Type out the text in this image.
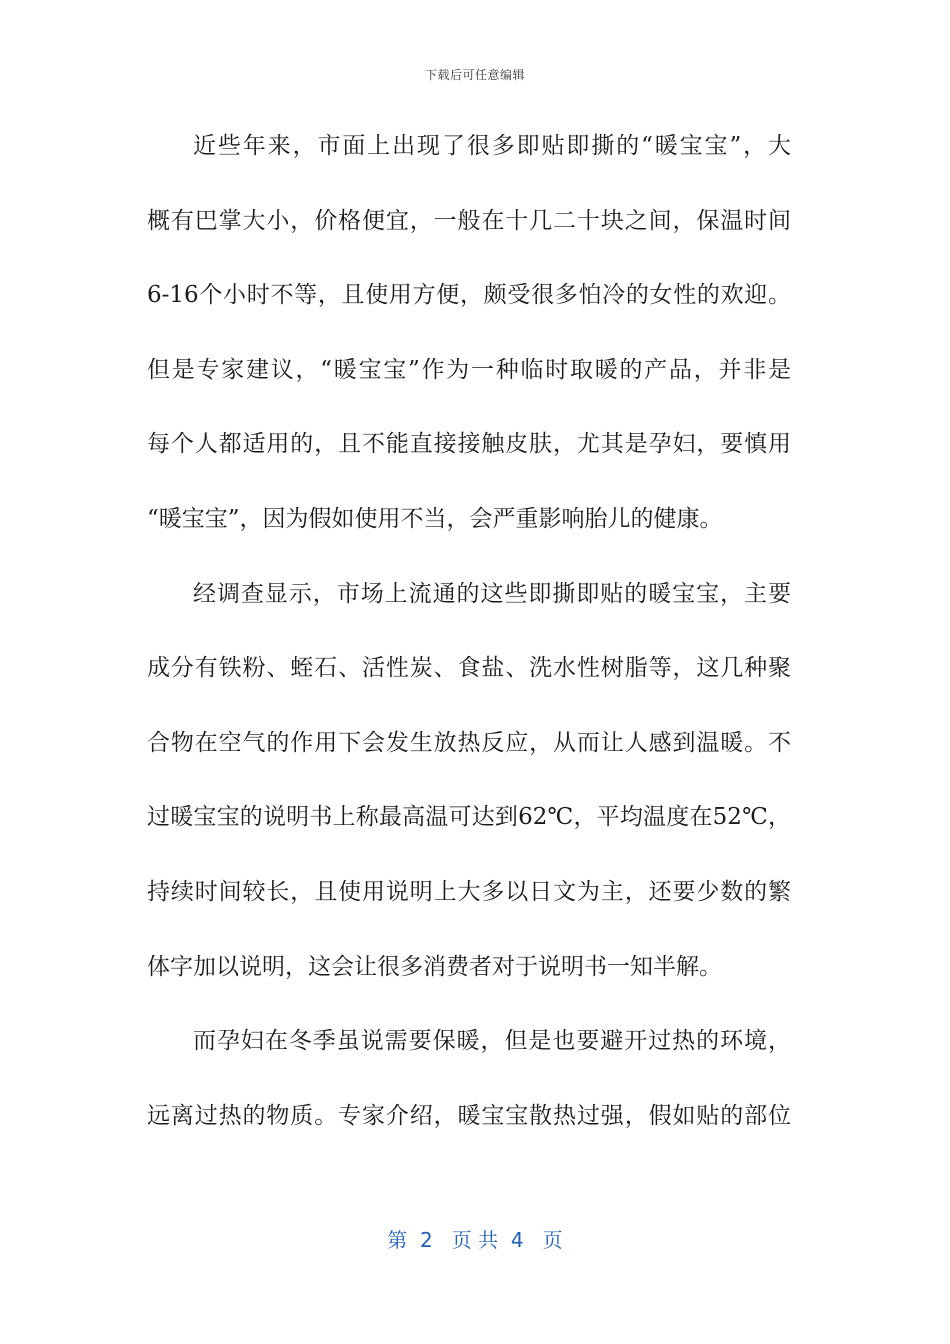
下载后可任意编辑
近些年来，市面上出现了很多即贴即撕的“暖宝宝”，大
概有巴掌大小，价格便宜，一般在十几二十块之间，保温时间
6-16个小时不等，且使用方便，颇受很多怕冷的女性的欢迎。
但是专家建议，“暖宝宝”作为一种临时取暖的产品，并非是
每个人都适用的，且不能直接接触皮肤，尤其是孕妇，要慎用
“暖宝宝”，因为假如使用不当，会严重影响胎儿的健康。
经调查显示，市场上流通的这些即撕即贴的暖宝宝，主要
成分有铁粉、蛭石、活性炭、食盐、洗水性树脂等，这几种聚
合物在空气的作用下会发生放热反应，从而让人感到温暖。不
过暖宝宝的说明书上称最高温可达到62℃，平均温度在52℃，
持续时间较长，且使用说明上大多以日文为主，还要少数的繁
体字加以说明，这会让很多消费者对于说明书一知半解。
而孕妇在冬季虽说需要保暖，但是也要避开过热的环境，
远离过热的物质。专家介绍，暖宝宝散热过强，假如贴的部位
第  2   页 共  4   页
